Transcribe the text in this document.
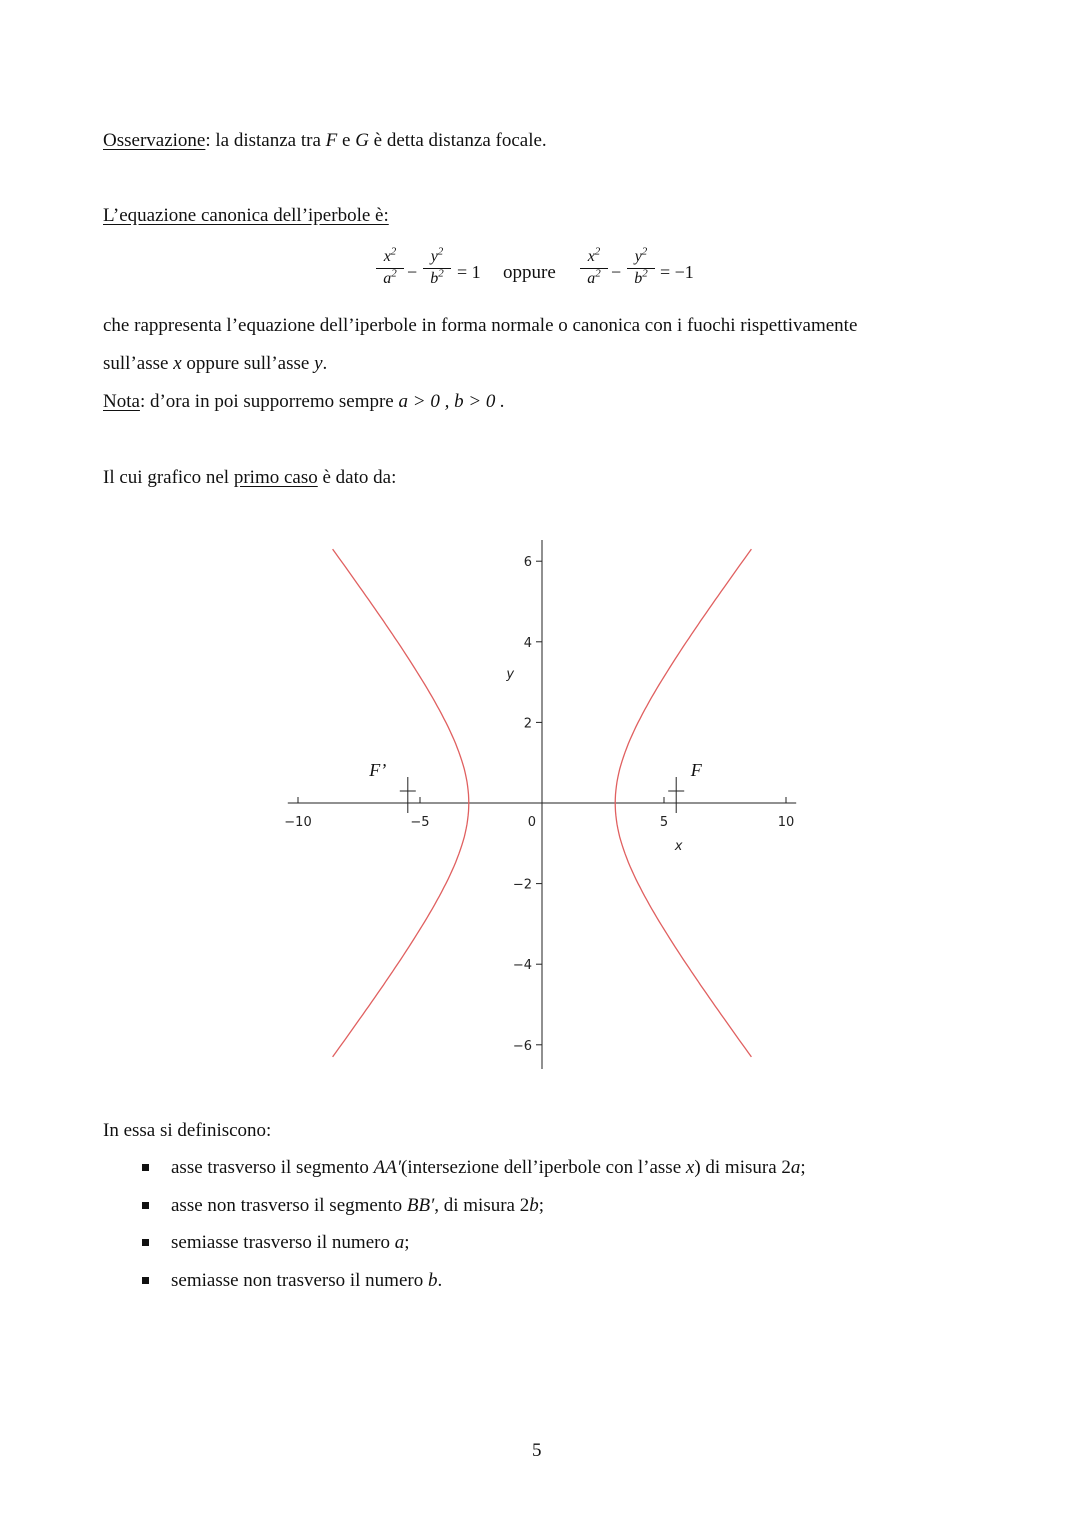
Osservazione: la distanza tra F e G è detta distanza focale.
L’equazione canonica dell’iperbole è:
$\frac{x^2}{a^2} - \frac{y^2}{b^2} = 1$ oppure $\frac{x^2}{a^2} - \frac{y^2}{b^2} = -1$
che rappresenta l’equazione dell’iperbole in forma normale o canonica con i fuochi rispettivamente
sull’asse x oppure sull’asse y.
Nota: d’ora in poi supporremo sempre a > 0 , b > 0 .
Il cui grafico nel primo caso è dato da:
−10	−5	5	10
0
6
4
2
−2
−4
−6
x
y
F’	F
In essa si definiscono:
asse trasverso il segmento AA′(intersezione dell’iperbole con l’asse x) di misura 2a;
asse non trasverso il segmento BB′, di misura 2b;
semiasse trasverso il numero a;
semiasse non trasverso il numero b.
5
